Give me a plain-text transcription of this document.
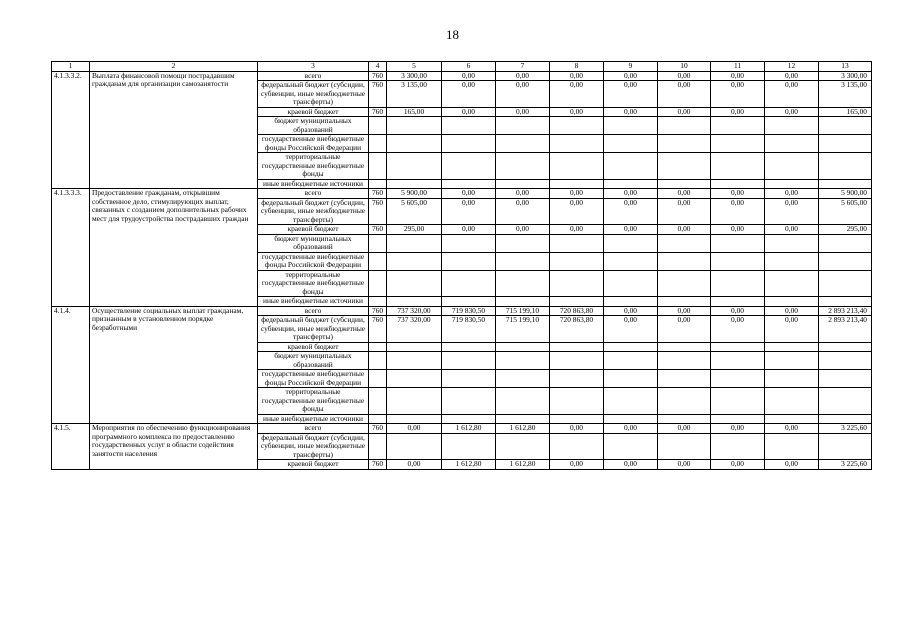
18
1	2	3	4	5	6	7	8	9	10	11	12	13
4.1.3.3.2.	Выплата финансовой помощи пострадавшим гражданам для организации самозанятости	всего	760	3 300,00	0,00	0,00	0,00	0,00	0,00	0,00	0,00	3 300,00
		федеральный бюджет (субсидии, субвенции, иные межбюджетные трансферты)	760	3 135,00	0,00	0,00	0,00	0,00	0,00	0,00	0,00	3 135,00
		краевой бюджет	760	165,00	0,00	0,00	0,00	0,00	0,00	0,00	0,00	165,00
		бюджет муниципальных образований										
		государственные внебюджетные фонды Российской Федерации										
		территориальные государственные внебюджетные фонды										
		иные внебюджетные источники										
4.1.3.3.3.	Предоставление гражданам, открывшим собственное дело, стимулирующих выплат, связанных с созданием дополнительных рабочих мест для трудоустройства пострадавших граждан	всего	760	5 900,00	0,00	0,00	0,00	0,00	0,00	0,00	0,00	5 900,00
		федеральный бюджет (субсидии, субвенции, иные межбюджетные трансферты)	760	5 605,00	0,00	0,00	0,00	0,00	0,00	0,00	0,00	5 605,00
		краевой бюджет	760	295,00	0,00	0,00	0,00	0,00	0,00	0,00	0,00	295,00
		бюджет муниципальных образований										
		государственные внебюджетные фонды Российской Федерации										
		территориальные государственные внебюджетные фонды										
		иные внебюджетные источники										
4.1.4.	Осуществление социальных выплат гражданам, признанным в установленном порядке безработными	всего	760	737 320,00	719 830,50	715 199,10	720 863,80	0,00	0,00	0,00	0,00	2 893 213,40
		федеральный бюджет (субсидии, субвенции, иные межбюджетные трансферты)	760	737 320,00	719 830,50	715 199,10	720 863,80	0,00	0,00	0,00	0,00	2 893 213,40
		краевой бюджет										
		бюджет муниципальных образований										
		государственные внебюджетные фонды Российской Федерации										
		территориальные государственные внебюджетные фонды										
		иные внебюджетные источники										
4.1.5.	Мероприятия по обеспечению функционирования программного комплекса по предоставлению государственных услуг в области содействия занятости населения	всего	760	0,00	1 612,80	1 612,80	0,00	0,00	0,00	0,00	0,00	3 225,60
		федеральный бюджет (субсидии, субвенции, иные межбюджетные трансферты)										
		краевой бюджет	760	0,00	1 612,80	1 612,80	0,00	0,00	0,00	0,00	0,00	3 225,60
